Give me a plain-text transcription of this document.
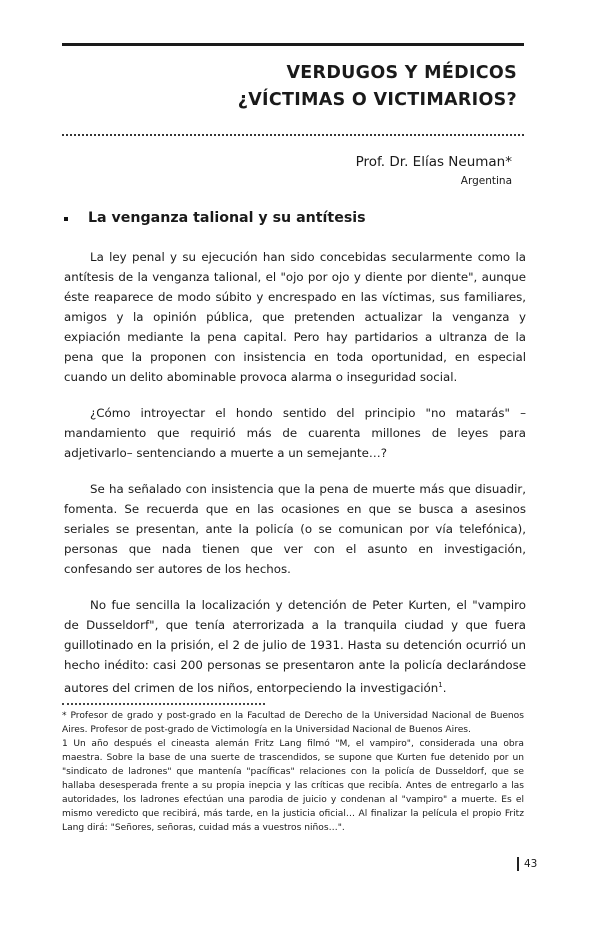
VERDUGOS Y MÉDICOS
¿VÍCTIMAS O VICTIMARIOS?
Prof. Dr. Elías Neuman*
Argentina
La venganza talional y su antítesis

La ley penal y su ejecución han sido concebidas secularmente como la antítesis de la venganza talional, el "ojo por ojo y diente por diente", aunque éste reaparece de modo súbito y encrespado en las víctimas, sus familiares, amigos y la opinión pública, que pretenden actualizar la venganza y expiación mediante la pena capital. Pero hay partidarios a ultranza de la pena que la proponen con insistencia en toda oportunidad, en especial cuando un delito abominable provoca alarma o inseguridad social.

¿Cómo introyectar el hondo sentido del principio "no matarás" –mandamiento que requirió más de cuarenta millones de leyes para adjetivarlo– sentenciando a muerte a un semejante…?

Se ha señalado con insistencia que la pena de muerte más que disuadir, fomenta. Se recuerda que en las ocasiones en que se busca a asesinos seriales se presentan, ante la policía (o se comunican por vía telefónica), personas que nada tienen que ver con el asunto en investigación, confesando ser autores de los hechos.

No fue sencilla la localización y detención de Peter Kurten, el "vampiro de Dusseldorf", que tenía aterrorizada a la tranquila ciudad y que fuera guillotinado en la prisión, el 2 de julio de 1931. Hasta su detención ocurrió un hecho inédito: casi 200 personas se presentaron ante la policía declarándose autores del crimen de los niños, entorpeciendo la investigación$^1$.

* Profesor de grado y post-grado en la Facultad de Derecho de la Universidad Nacional de Buenos Aires. Profesor de post-grado de Victimología en la Universidad Nacional de Buenos Aires.

1 Un año después el cineasta alemán Fritz Lang filmó "M, el vampiro", considerada una obra maestra. Sobre la base de una suerte de trascendidos, se supone que Kurten fue detenido por un "sindicato de ladrones" que mantenía "pacíficas" relaciones con la policía de Dusseldorf, que se hallaba desesperada frente a su propia inepcia y las críticas que recibía. Antes de entregarlo a las autoridades, los ladrones efectúan una parodia de juicio y condenan al "vampiro" a muerte. Es el mismo veredicto que recibirá, más tarde, en la justicia oficial… Al finalizar la película el propio Fritz Lang dirá: "Señores, señoras, cuidad más a vuestros niños…".

43
